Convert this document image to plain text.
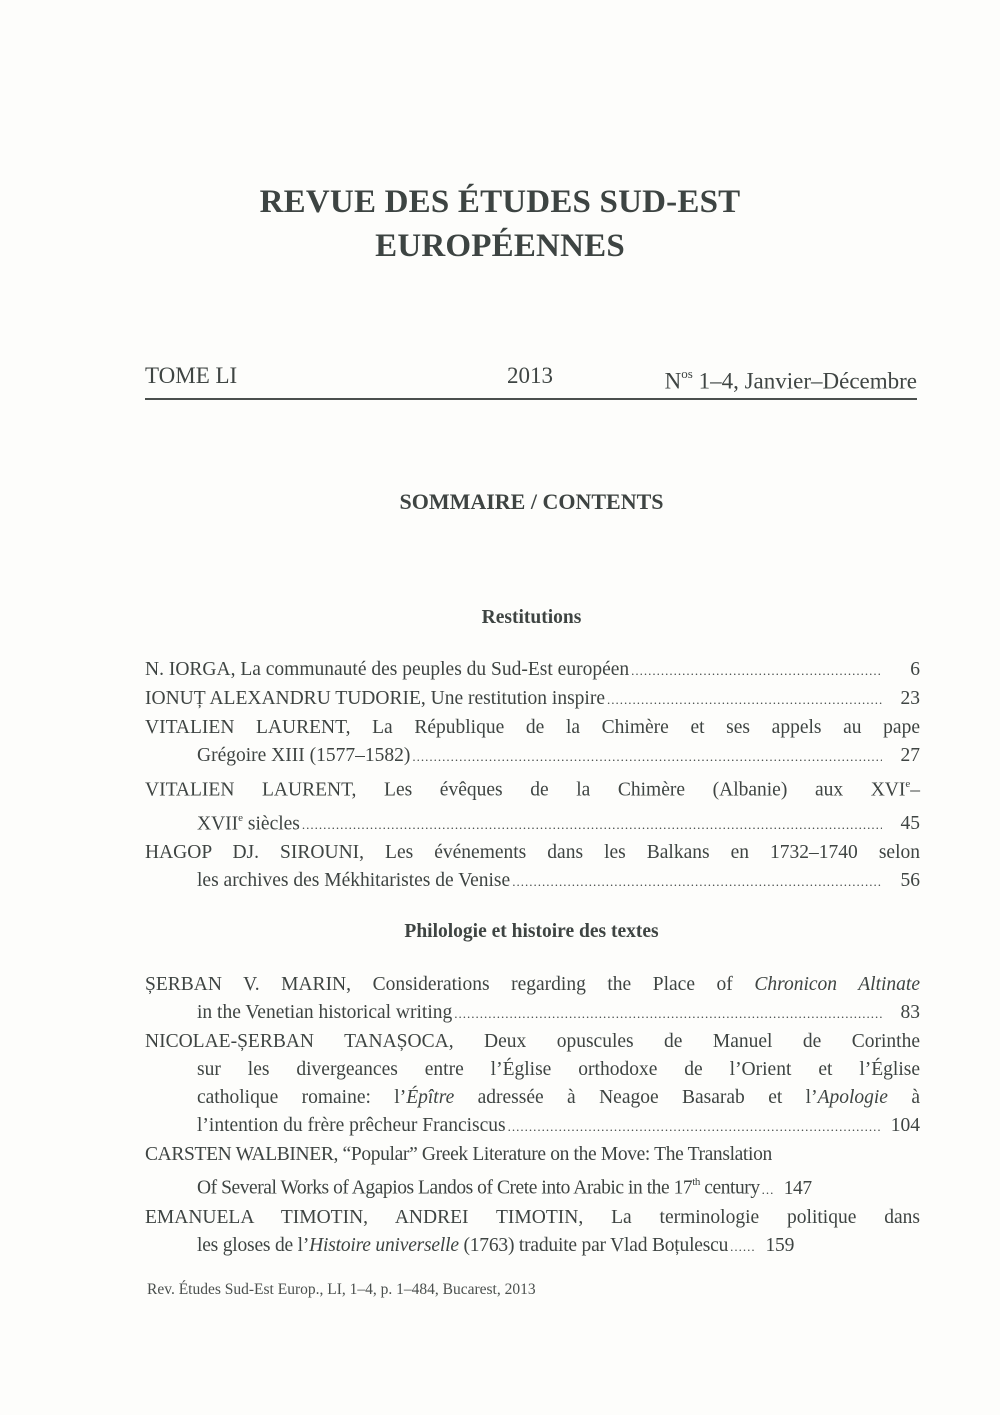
REVUE DES ÉTUDES SUD-EST
EUROPÉENNES
TOME LI	2013	$N^{os}$ 1–4, Janvier–Décembre
SOMMAIRE / CONTENTS
Restitutions
N. IORGA, La communauté des peuples du Sud-Est européen .....	6
IONUȚ ALEXANDRU TUDORIE, Une restitution inspire .....	23
VITALIEN LAURENT, La République de la Chimère et ses appels au pape
Grégoire XIII (1577–1582) .....	27
VITALIEN LAURENT, Les évêques de la Chimère (Albanie) aux XVIe–
XVIIe siècles .....	45
HAGOP DJ. SIROUNI, Les événements dans les Balkans en 1732–1740 selon
les archives des Mékhitaristes de Venise .....	56
Philologie et histoire des textes
ȘERBAN V. MARIN, Considerations regarding the Place of Chronicon Altinate
in the Venetian historical writing .....	83
NICOLAE-ȘERBAN TANAȘOCA, Deux opuscules de Manuel de Corinthe
sur les divergeances entre l’Église orthodoxe de l’Orient et l’Église
catholique romaine: l’Épître adressée à Neagoe Basarab et l’Apologie à
l’intention du frère prêcheur Franciscus .....	104
CARSTEN WALBINER, “Popular” Greek Literature on the Move: The Translation
Of Several Works of Agapios Landos of Crete into Arabic in the 17th century .....	147
EMANUELA TIMOTIN, ANDREI TIMOTIN, La terminologie politique dans
les gloses de l’Histoire universelle (1763) traduite par Vlad Boțulescu ..... 159
Rev. Études Sud-Est Europ., LI, 1–4, p. 1–484, Bucarest, 2013
